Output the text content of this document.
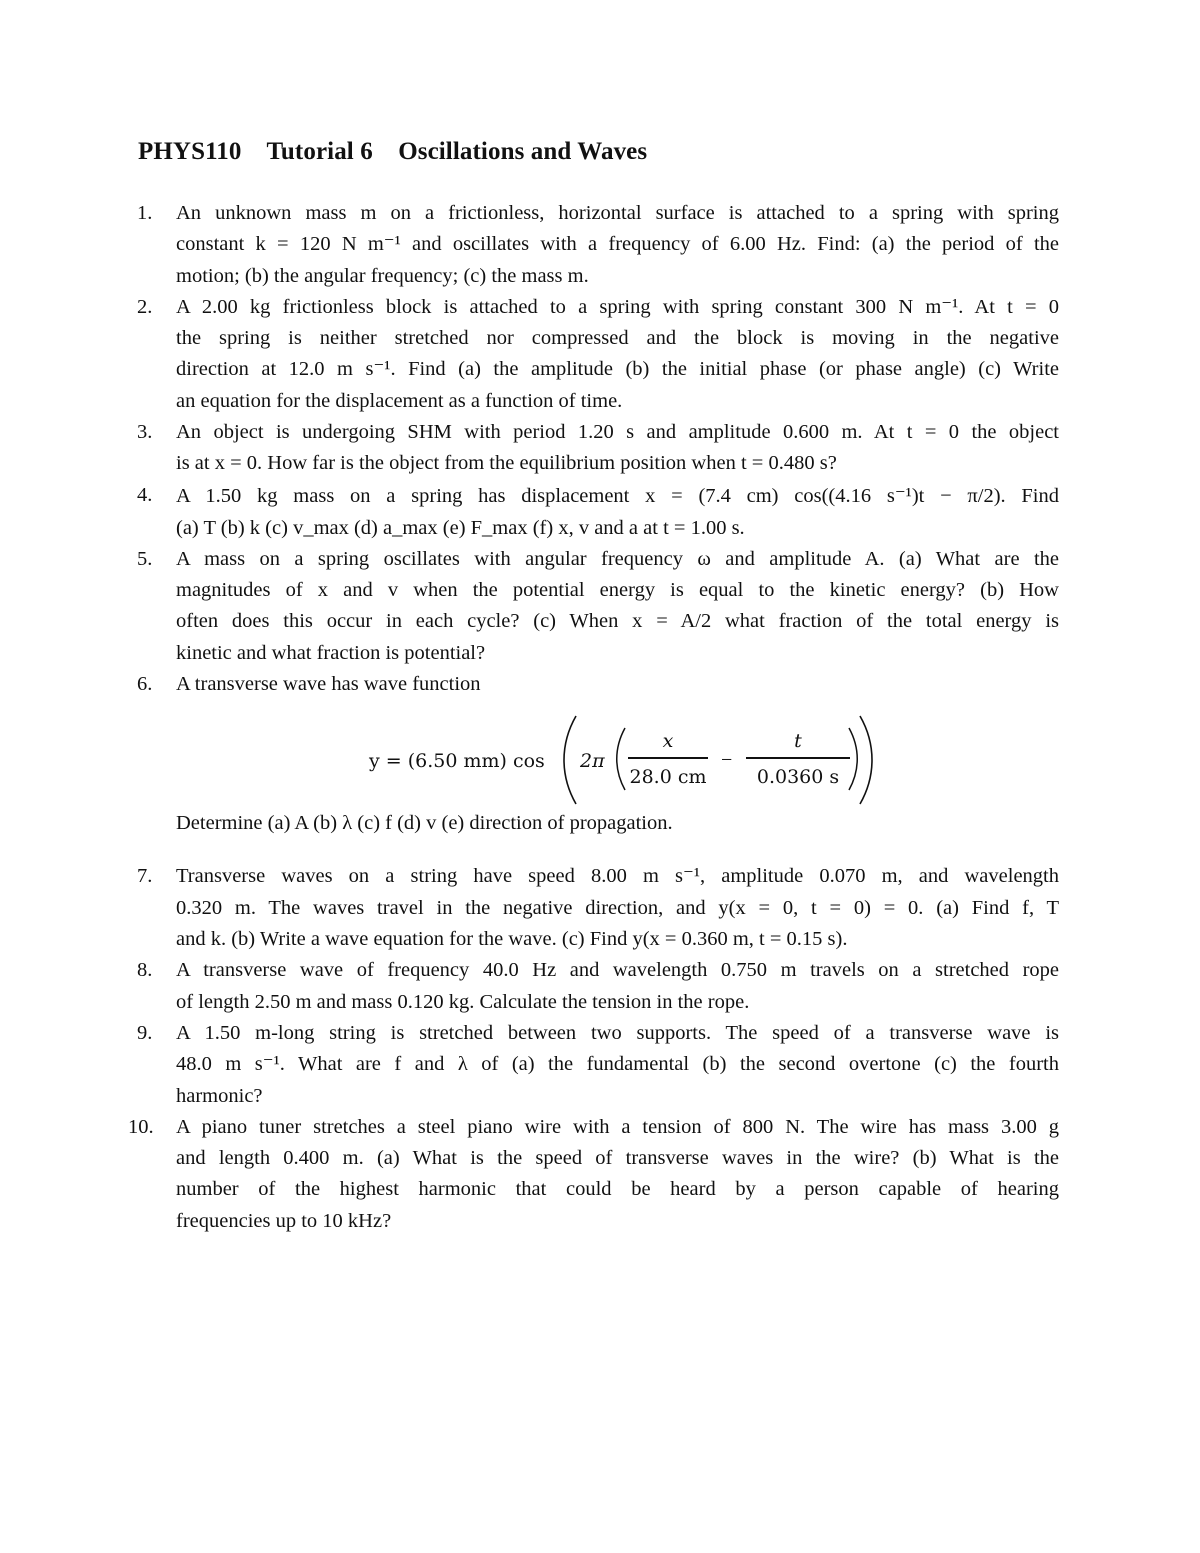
PHYS110    Tutorial 6    Oscillations and Waves
1.	An unknown mass m on a frictionless, horizontal surface is attached to a spring with spring
constant k = 120 N m⁻¹ and oscillates with a frequency of 6.00 Hz. Find: (a) the period of the
motion; (b) the angular frequency; (c) the mass m.
2.	A 2.00 kg frictionless block is attached to a spring with spring constant 300 N m⁻¹. At t = 0
the spring is neither stretched nor compressed and the block is moving in the negative
direction at 12.0 m s⁻¹. Find (a) the amplitude (b) the initial phase (or phase angle) (c) Write
an equation for the displacement as a function of time.
3.	An object is undergoing SHM with period 1.20 s and amplitude 0.600 m. At t = 0 the object
is at x = 0. How far is the object from the equilibrium position when t = 0.480 s?
4.	A 1.50 kg mass on a spring has displacement x = (7.4 cm) cos((4.16 s⁻¹)t − π/2). Find
(a) T (b) k (c) v_max (d) a_max (e) F_max (f) x, v and a at t = 1.00 s.
5.	A mass on a spring oscillates with angular frequency ω and amplitude A. (a) What are the
magnitudes of x and v when the potential energy is equal to the kinetic energy? (b) How
often does this occur in each cycle? (c) When x = A/2 what fraction of the total energy is
kinetic and what fraction is potential?
6.	A transverse wave has wave function
y = (6.50 mm) cos 2π
x
28.0 cm
−
t
0.0360 s
Determine (a) A (b) λ (c) f (d) v (e) direction of propagation.
7.	Transverse waves on a string have speed 8.00 m s⁻¹, amplitude 0.070 m, and wavelength
0.320 m. The waves travel in the negative direction, and y(x = 0, t = 0) = 0. (a) Find f, T
and k. (b) Write a wave equation for the wave. (c) Find y(x = 0.360 m, t = 0.15 s).
8.	A transverse wave of frequency 40.0 Hz and wavelength 0.750 m travels on a stretched rope
of length 2.50 m and mass 0.120 kg. Calculate the tension in the rope.
9.	A 1.50 m-long string is stretched between two supports. The speed of a transverse wave is
48.0 m s⁻¹. What are f and λ of (a) the fundamental (b) the second overtone (c) the fourth
harmonic?
10.	A piano tuner stretches a steel piano wire with a tension of 800 N. The wire has mass 3.00 g
and length 0.400 m. (a) What is the speed of transverse waves in the wire? (b) What is the
number of the highest harmonic that could be heard by a person capable of hearing
frequencies up to 10 kHz?
